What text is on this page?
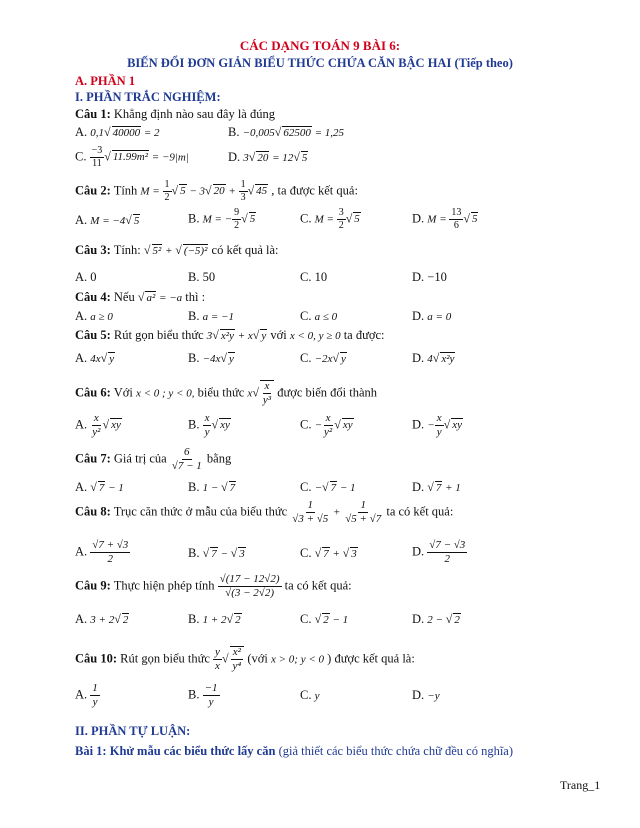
CÁC DẠNG TOÁN 9 BÀI 6:
BIẾN ĐỔI ĐƠN GIẢN BIỂU THỨC CHỨA CĂN BẬC HAI (Tiếp theo)
A. PHẦN 1
I. PHẦN TRẮC NGHIỆM:
Câu 1: Khẳng định nào sau đây là đúng
A. 0,1√ 40000 = 2	B. −0,005√ 62500 = 1,25
C. $\frac{-3}{11}$ √ 11.99m² = −9|m|	D. 3√ 20 = 12√ 5
Câu 2: Tính $M = \frac{1}{2}$ √ 5 − 3√ $20 + \frac{1}{3}$ √ 45 , ta được kết quả:
A. M = −4√ 5	B. M = − $\frac{9}{2}$ √ 5	C. $M = \frac{3}{2}$ √ 5	D. $M = \frac{13}{6}$ √ 5
Câu 3: Tính: √ 5² + √ (−5)² có kết quả là:
A. 0	B. 50	C. 10	D. −10
Câu 4: Nếu √ a² = −a thì :
A. a ≥ 0	B. a = −1	C. a ≤ 0	D. a = 0
Câu 5: Rút gọn biểu thức 3√ x²y + x√ y với x < 0, y ≥ 0 ta được:
A. 4x√ y	B. −4x√ y	C. −2x√ y	D. 4√ x²y
Câu 6: Với x < 0 ; y < 0, biểu thức $x√ \frac{x}{\text{y³}}$ được biến đổi thành
A. $\frac{x}{\text{y²}}$ √ xy	B. $\frac{x}{y}$ √ xy	C. − $\frac{x}{\text{y²}}$ √ xy	D. − $\frac{x}{y}$ √ xy
Câu 7: Giá trị của $\frac{6}{√7 - 1}$ bằng
A. √ 7 − 1	B. 1 − √ 7	C. −√ 7 − 1	D. √ 7 + 1
Câu 8: Trục căn thức ở mẫu của biểu thức $\frac{1}{√3 + √5} + \frac{1}{√5 + √7}$ ta có kết quả:
A. $\frac{√7 + √3}{2}$	B. √ 7 − √ 3	C. √ 7 + √ 3	D. $\frac{√7 - √3}{2}$
Câu 9: Thực hiện phép tính $\frac{√(17 - 12√2)}{√(3 - 2√2)}$ ta có kết quả:
A. 3 + 2√ 2	B. 1 + 2√ 2	C. √ 2 − 1	D. 2 − √ 2
Câu 10: Rút gọn biểu thức $\frac{y}{x}$ √ $\frac{\text{x²}}{\text{y⁴}}$ (với x > 0; y < 0 ) được kết quả là:
A. $\frac{1}{y}$	B. $\frac{-1}{y}$	C. y	D. −y
II. PHẦN TỰ LUẬN:
Bài 1: Khử mẫu các biểu thức lấy căn (giả thiết các biểu thức chứa chữ đều có nghĩa)
Trang_1
